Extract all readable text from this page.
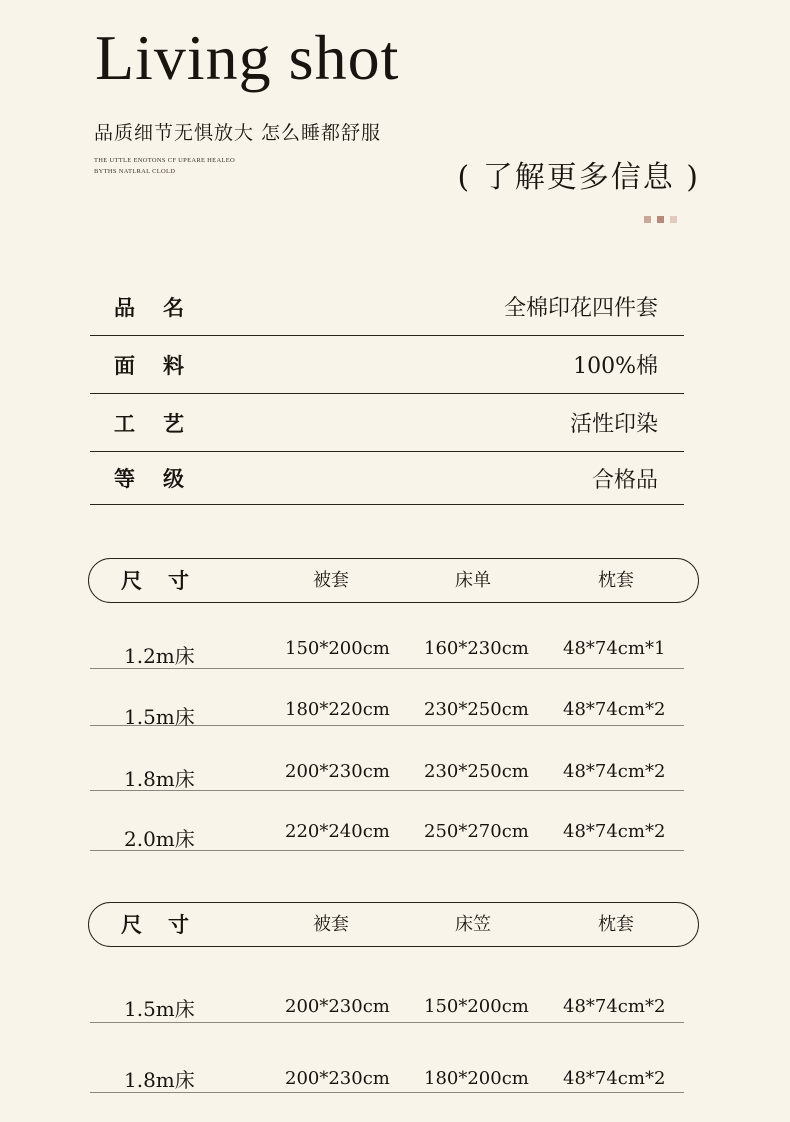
Living shot
品质细节无惧放大 怎么睡都舒服
THE UTTLE ENOTONS CF UPEARE HEALEO
BYTHS NATLRAL CLOLD	( 了解更多信息 )
品名	全棉印花四件套
面料	100%棉
工艺	活性印染
等级	合格品
尺寸	被套	床单	枕套
1.2m床	150*200cm 160*230cm 48*74cm*1
1.5m床	180*220cm 230*250cm 48*74cm*2
1.8m床	200*230cm 230*250cm 48*74cm*2
2.0m床	220*240cm 250*270cm 48*74cm*2
尺寸	被套	床笠	枕套
1.5m床	200*230cm 150*200cm 48*74cm*2
1.8m床	200*230cm 180*200cm 48*74cm*2
